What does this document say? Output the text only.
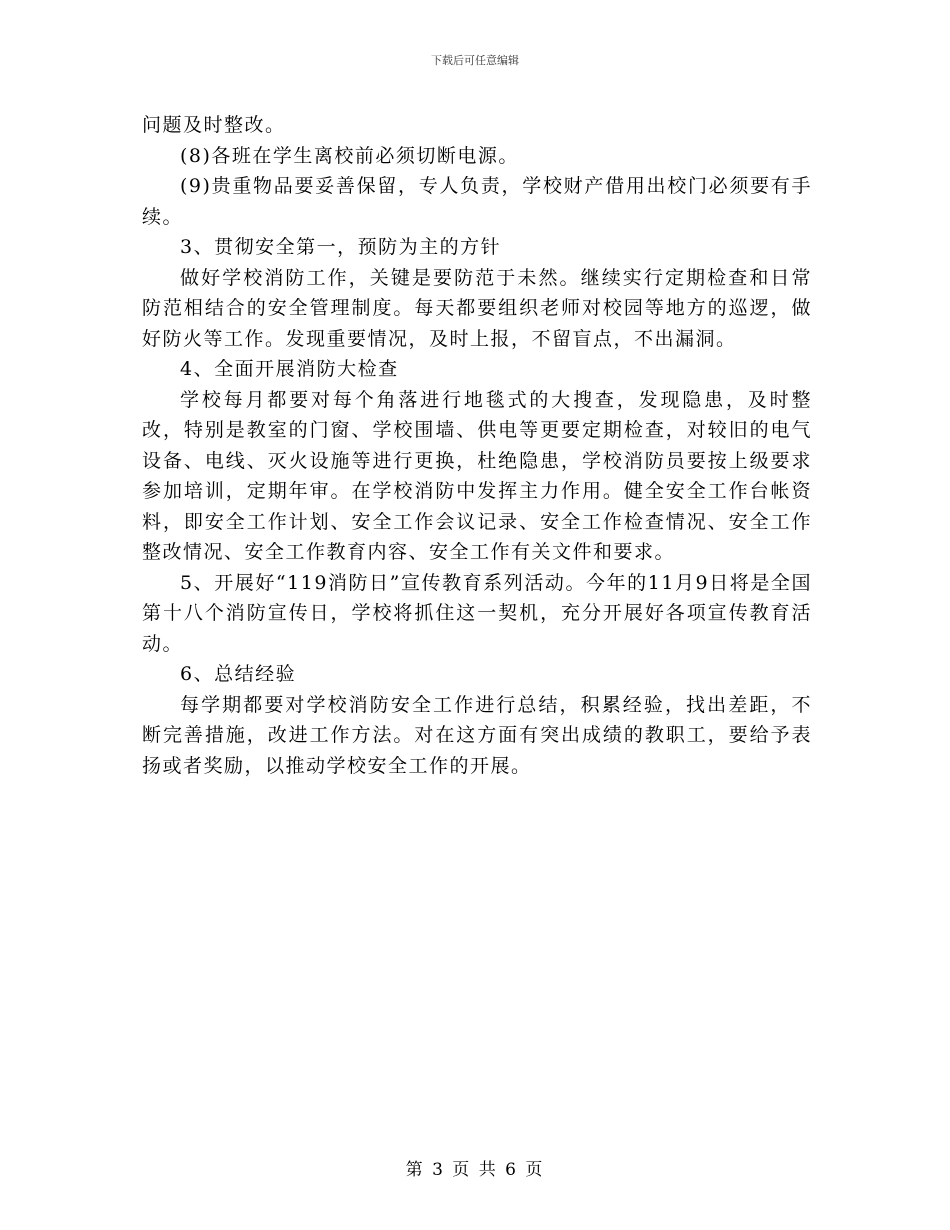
下载后可任意编辑

问题及时整改。

(8)各班在学生离校前必须切断电源。

(9)贵重物品要妥善保留，专人负责，学校财产借用出校门必须要有手续。

3、贯彻安全第一，预防为主的方针

做好学校消防工作，关键是要防范于未然。继续实行定期检查和日常防范相结合的安全管理制度。每天都要组织老师对校园等地方的巡逻，做好防火等工作。发现重要情况，及时上报，不留盲点，不出漏洞。

4、全面开展消防大检查

学校每月都要对每个角落进行地毯式的大搜查，发现隐患，及时整改，特别是教室的门窗、学校围墙、供电等更要定期检查，对较旧的电气设备、电线、灭火设施等进行更换，杜绝隐患，学校消防员要按上级要求参加培训，定期年审。在学校消防中发挥主力作用。健全安全工作台帐资料，即安全工作计划、安全工作会议记录、安全工作检查情况、安全工作整改情况、安全工作教育内容、安全工作有关文件和要求。

5、开展好“119消防日”宣传教育系列活动。今年的11月9日将是全国第十八个消防宣传日，学校将抓住这一契机，充分开展好各项宣传教育活动。

6、总结经验

每学期都要对学校消防安全工作进行总结，积累经验，找出差距，不断完善措施，改进工作方法。对在这方面有突出成绩的教职工，要给予表扬或者奖励，以推动学校安全工作的开展。

第 3 页 共 6 页
